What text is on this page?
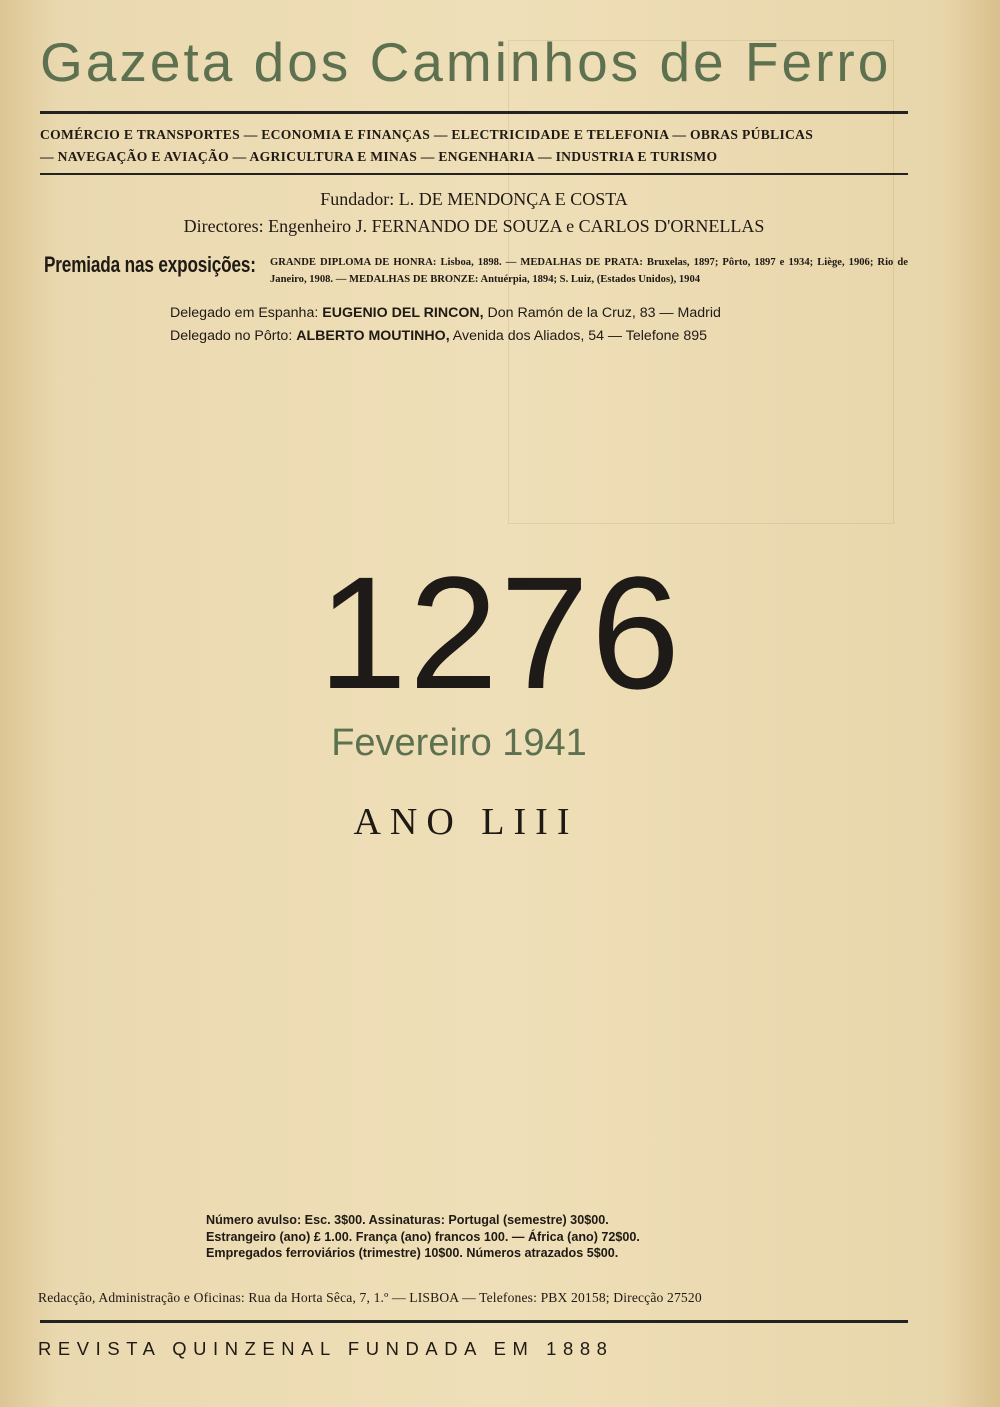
Gazeta dos Caminhos de Ferro
COMÉRCIO E TRANSPORTES — ECONOMIA E FINANÇAS — ELECTRICIDADE E TELEFONIA — OBRAS PÚBLICAS
— NAVEGAÇÃO E AVIAÇÃO — AGRICULTURA E MINAS — ENGENHARIA — INDUSTRIA E TURISMO
Fundador: L. DE MENDONÇA E COSTA
Directores: Engenheiro J. FERNANDO DE SOUZA e CARLOS D'ORNELLAS
Premiada nas exposições: GRANDE DIPLOMA DE HONRA: Lisboa, 1898. — MEDALHAS DE PRATA: Bruxelas, 1897; Pôrto, 1897 e 1934; Liège, 1906; Rio de Janeiro, 1908. — MEDALHAS DE BRONZE: Antuérpia, 1894; S. Luiz, (Estados Unidos), 1904
Delegado em Espanha: EUGENIO DEL RINCON, Don Ramón de la Cruz, 83 — Madrid
Delegado no Pôrto: ALBERTO MOUTINHO, Avenida dos Aliados, 54 — Telefone 895
1276
Fevereiro 1941
ANO LIII
Número avulso: Esc. 3$00. Assinaturas: Portugal (semestre) 30$00.
Estrangeiro (ano) £ 1.00. França (ano) francos 100. — África (ano) 72$00.
Empregados ferroviários (trimestre) 10$00. Números atrazados 5$00.
Redacção, Administração e Oficinas: Rua da Horta Sêca, 7, 1.º — LISBOA — Telefones: PBX 20158; Direcção 27520
REVISTA QUINZENAL FUNDADA EM 1888
